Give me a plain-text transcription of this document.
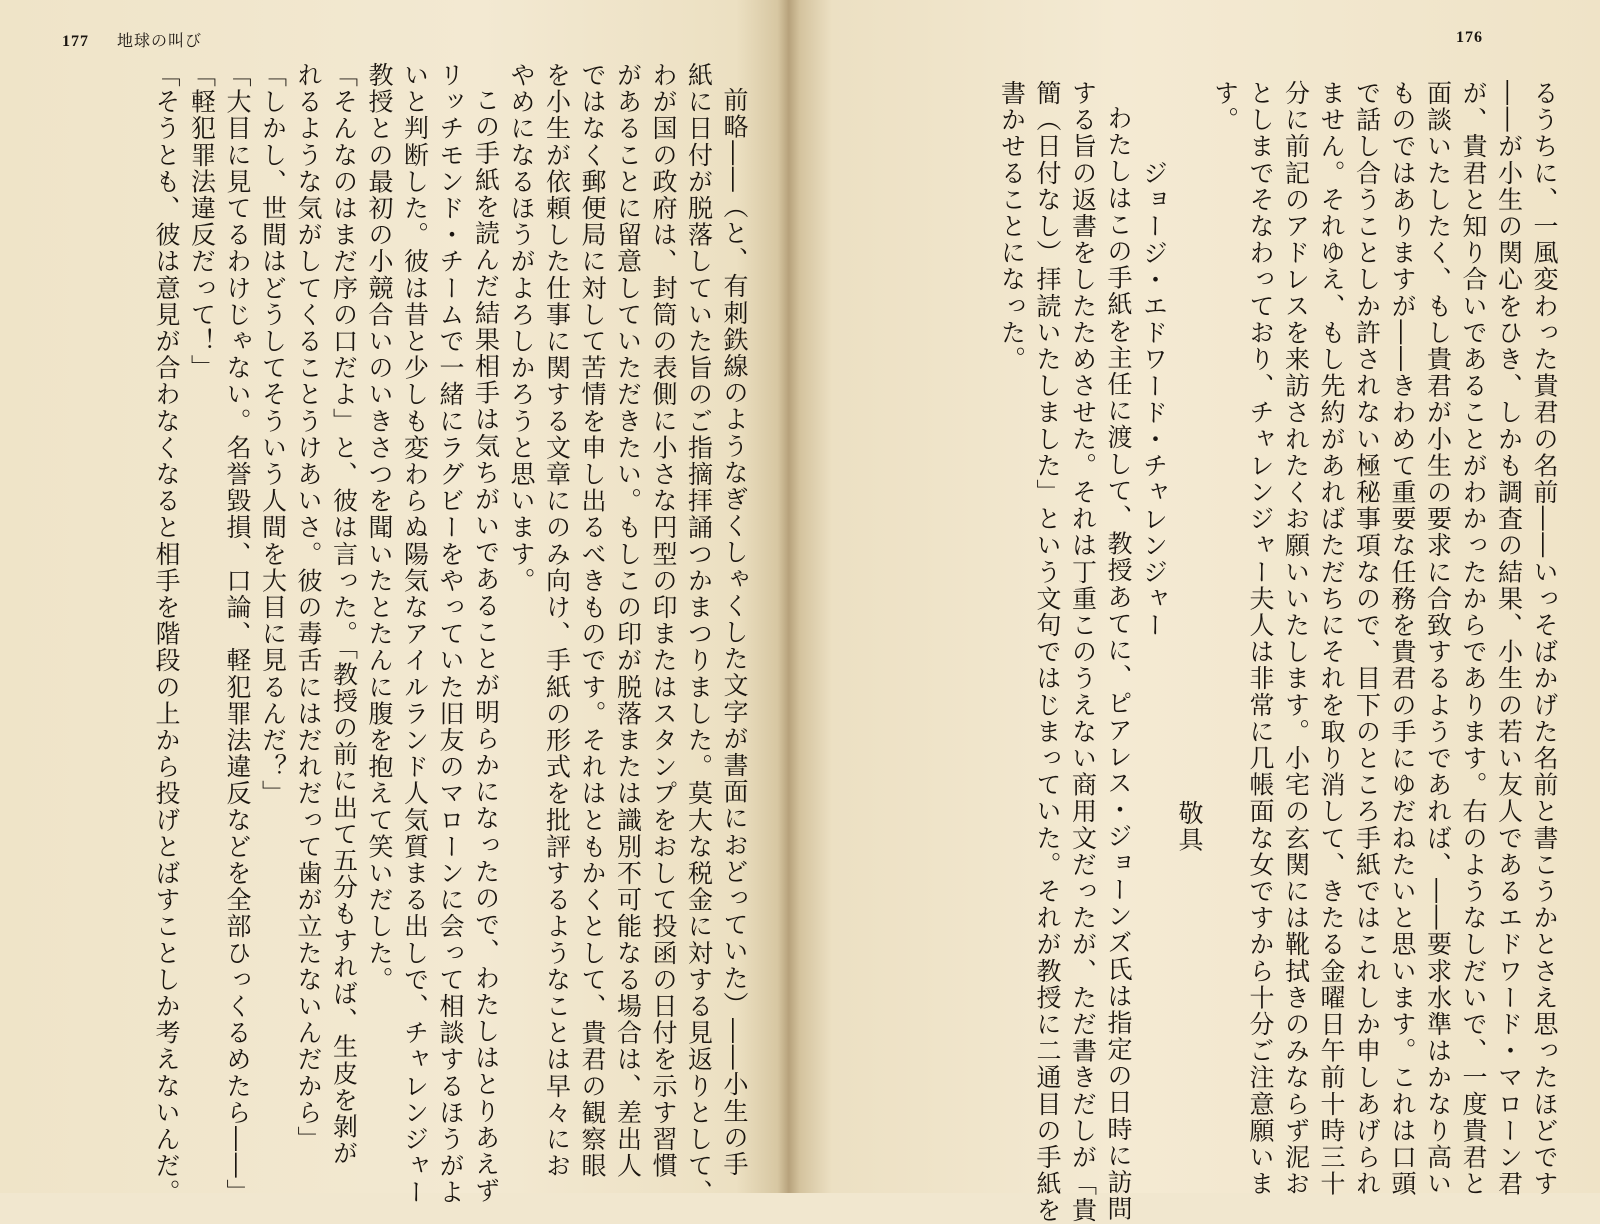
176
るうちに、一風変わった貴君の名前――いっそばかげた名前と書こうかとさえ思ったほどです
――が小生の関心をひき、しかも調査の結果、小生の若い友人であるエドワード・マローン君
が、貴君と知り合いであることがわかったからであります。右のようなしだいで、一度貴君と
面談いたしたく、もし貴君が小生の要求に合致するようであれば、――要求水準はかなり高い
ものではありますが――きわめて重要な任務を貴君の手にゆだねたいと思います。これは口頭
で話し合うことしか許されない極秘事項なので、目下のところ手紙ではこれしか申しあげられ
ません。それゆえ、もし先約があればただちにそれを取り消して、きたる金曜日午前十時三十
分に前記のアドレスを来訪されたくお願いいたします。小宅の玄関には靴拭きのみならず泥お
としまでそなわっており、チャレンジャー夫人は非常に几帳面な女ですから十分ご注意願いま
す。
敬具
ジョージ・エドワード・チャレンジャー
わたしはこの手紙を主任に渡して、教授あてに、ピアレス・ジョーンズ氏は指定の日時に訪問
する旨の返書をしたためさせた。それは丁重このうえない商用文だったが、ただ書きだしが「貴
簡（日付なし）拝読いたしました」という文句ではじまっていた。それが教授に二通目の手紙を
書かせることになった。
177 地球の叫び
前略――（と、有刺鉄線のようなぎくしゃくした文字が書面におどっていた）――小生の手
紙に日付が脱落していた旨のご指摘拝誦つかまつりました。莫大な税金に対する見返りとして、
わが国の政府は、封筒の表側に小さな円型の印またはスタンプをおして投函の日付を示す習慣
があることに留意していただきたい。もしこの印が脱落または識別不可能なる場合は、差出人
ではなく郵便局に対して苦情を申し出るべきものです。それはともかくとして、貴君の観察眼
を小生が依頼した仕事に関する文章にのみ向け、手紙の形式を批評するようなことは早々にお
やめになるほうがよろしかろうと思います。
この手紙を読んだ結果相手は気ちがいであることが明らかになったので、わたしはとりあえず
リッチモンド・チームで一緒にラグビーをやっていた旧友のマローンに会って相談するほうがよ
いと判断した。彼は昔と少しも変わらぬ陽気なアイルランド人気質まる出しで、チャレンジャー
教授との最初の小競合いのいきさつを聞いたとたんに腹を抱えて笑いだした。
「そんなのはまだ序の口だよ」と、彼は言った。「教授の前に出て五分もすれば、生皮を剝が
れるような気がしてくることうけあいさ。彼の毒舌にはだれだって歯が立たないんだから」
「しかし、世間はどうしてそういう人間を大目に見るんだ？」
「大目に見てるわけじゃない。名誉毀損、口論、軽犯罪法違反などを全部ひっくるめたら――」
「軽犯罪法違反だって！」
「そうとも、彼は意見が合わなくなると相手を階段の上から投げとばすことしか考えないんだ。
